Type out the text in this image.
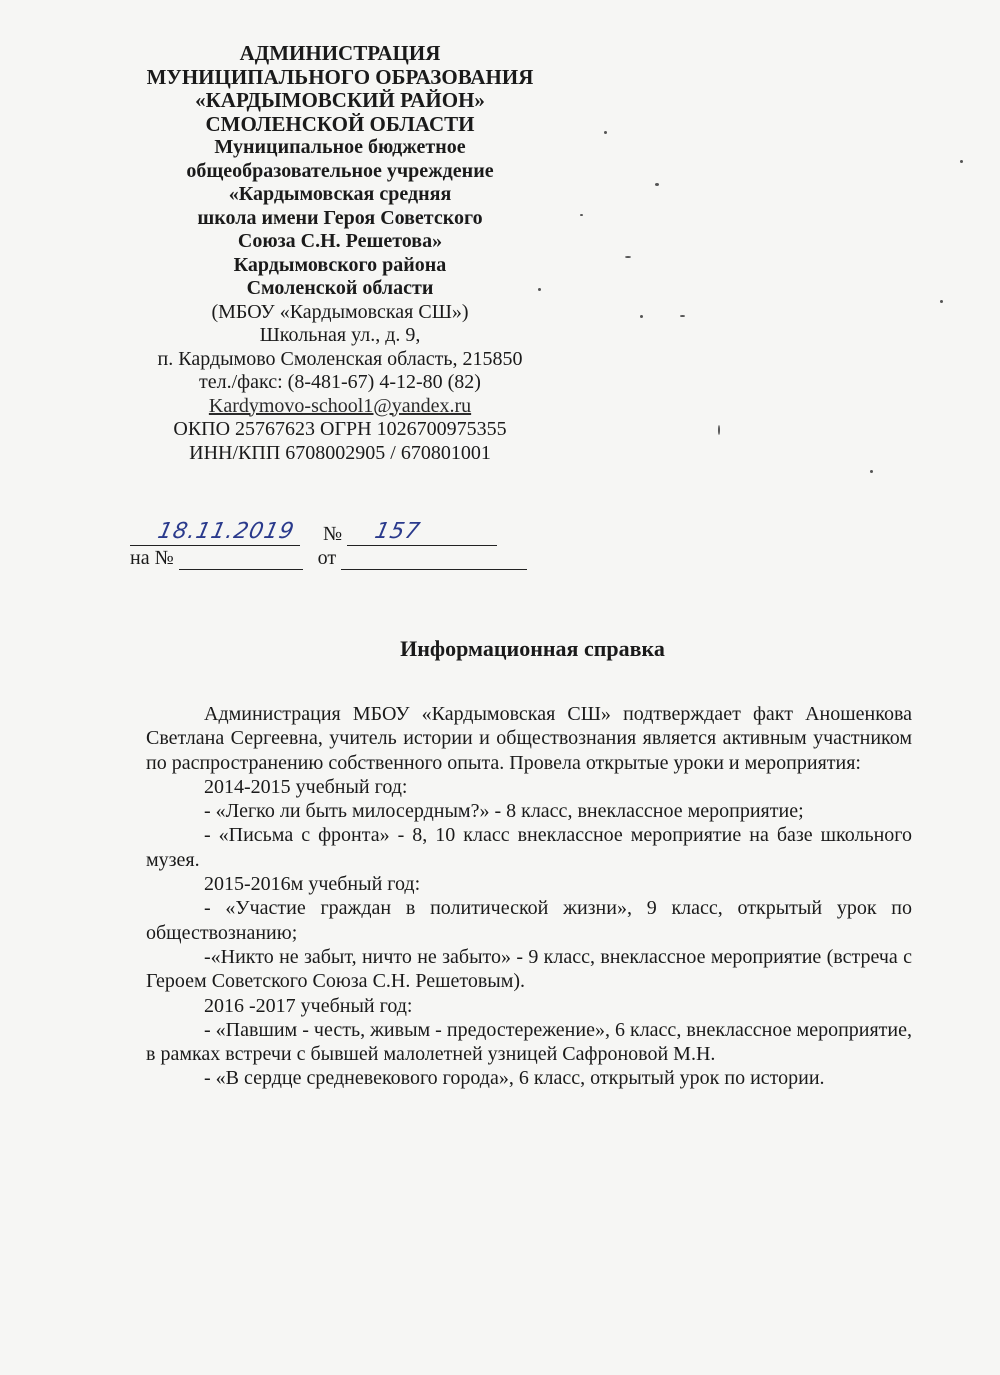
АДМИНИСТРАЦИЯ
МУНИЦИПАЛЬНОГО ОБРАЗОВАНИЯ
«КАРДЫМОВСКИЙ РАЙОН»
СМОЛЕНСКОЙ ОБЛАСТИ
Муниципальное бюджетное
общеобразовательное учреждение
«Кардымовская средняя
школа имени Героя Советского
Союза С.Н. Решетова»
Кардымовского района
Смоленской области
(МБОУ «Кардымовская СШ»)
Школьная ул., д. 9,
п. Кардымово Смоленская область, 215850
тел./факс: (8-481-67) 4-12-80 (82)
Kardymovo-school1@yandex.ru
ОКПО 25767623 ОГРН 1026700975355
ИНН/КПП 6708002905 / 670801001
18.11.2019 № 157
на №	от
Информационная справка

Администрация МБОУ «Кардымовская СШ» подтверждает факт Аношенкова Светлана Сергеевна, учитель истории и обществознания является активным участником по распространению собственного опыта. Провела открытые уроки и мероприятия:

2014-2015 учебный год:

- «Легко ли быть милосердным?» - 8 класс, внеклассное мероприятие;

- «Письма с фронта» - 8, 10 класс внеклассное мероприятие на базе школьного музея.

2015-2016м учебный год:

- «Участие граждан в политической жизни», 9 класс, открытый урок по обществознанию;

-«Никто не забыт, ничто не забыто» - 9 класс, внеклассное мероприятие (встреча с Героем Советского Союза С.Н. Решетовым).

2016 -2017 учебный год:

- «Павшим - честь, живым - предостережение», 6 класс, внеклассное мероприятие, в рамках встречи с бывшей малолетней узницей Сафроновой М.Н.

- «В сердце средневекового города», 6 класс, открытый урок по истории.
